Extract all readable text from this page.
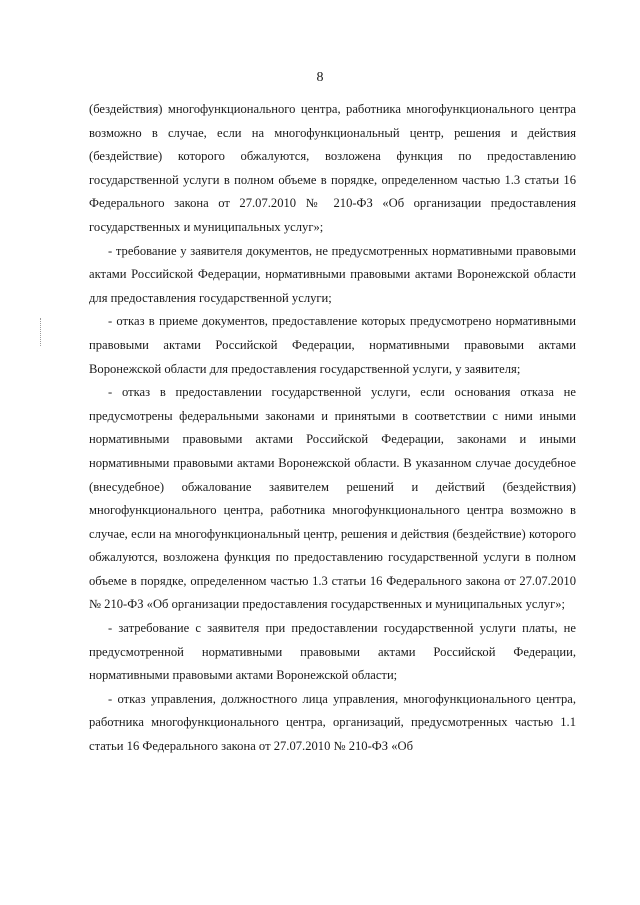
8

(бездействия) многофункционального центра, работника многофункционального центра возможно в случае, если на многофункциональный центр, решения и действия (бездействие) которого обжалуются, возложена функция по предоставлению государственной услуги в полном объеме в порядке, определенном частью 1.3 статьи 16 Федерального закона от 27.07.2010 № 210-ФЗ «Об организации предоставления государственных и муниципальных услуг»;

- требование у заявителя документов, не предусмотренных нормативными правовыми актами Российской Федерации, нормативными правовыми актами Воронежской области для предоставления государственной услуги;

- отказ в приеме документов, предоставление которых предусмотрено нормативными правовыми актами Российской Федерации, нормативными правовыми актами Воронежской области для предоставления государственной услуги, у заявителя;

- отказ в предоставлении государственной услуги, если основания отказа не предусмотрены федеральными законами и принятыми в соответствии с ними иными нормативными правовыми актами Российской Федерации, законами и иными нормативными правовыми актами Воронежской области. В указанном случае досудебное (внесудебное) обжалование заявителем решений и действий (бездействия) многофункционального центра, работника многофункционального центра возможно в случае, если на многофункциональный центр, решения и действия (бездействие) которого обжалуются, возложена функция по предоставлению государственной услуги в полном объеме в порядке, определенном частью 1.3 статьи 16 Федерального закона от 27.07.2010 № 210-ФЗ «Об организации предоставления государственных и муниципальных услуг»;

- затребование с заявителя при предоставлении государственной услуги платы, не предусмотренной нормативными правовыми актами Российской Федерации, нормативными правовыми актами Воронежской области;

- отказ управления, должностного лица управления, многофункционального центра, работника многофункционального центра, организаций, предусмотренных частью 1.1 статьи 16 Федерального закона от 27.07.2010 № 210-ФЗ «Об
